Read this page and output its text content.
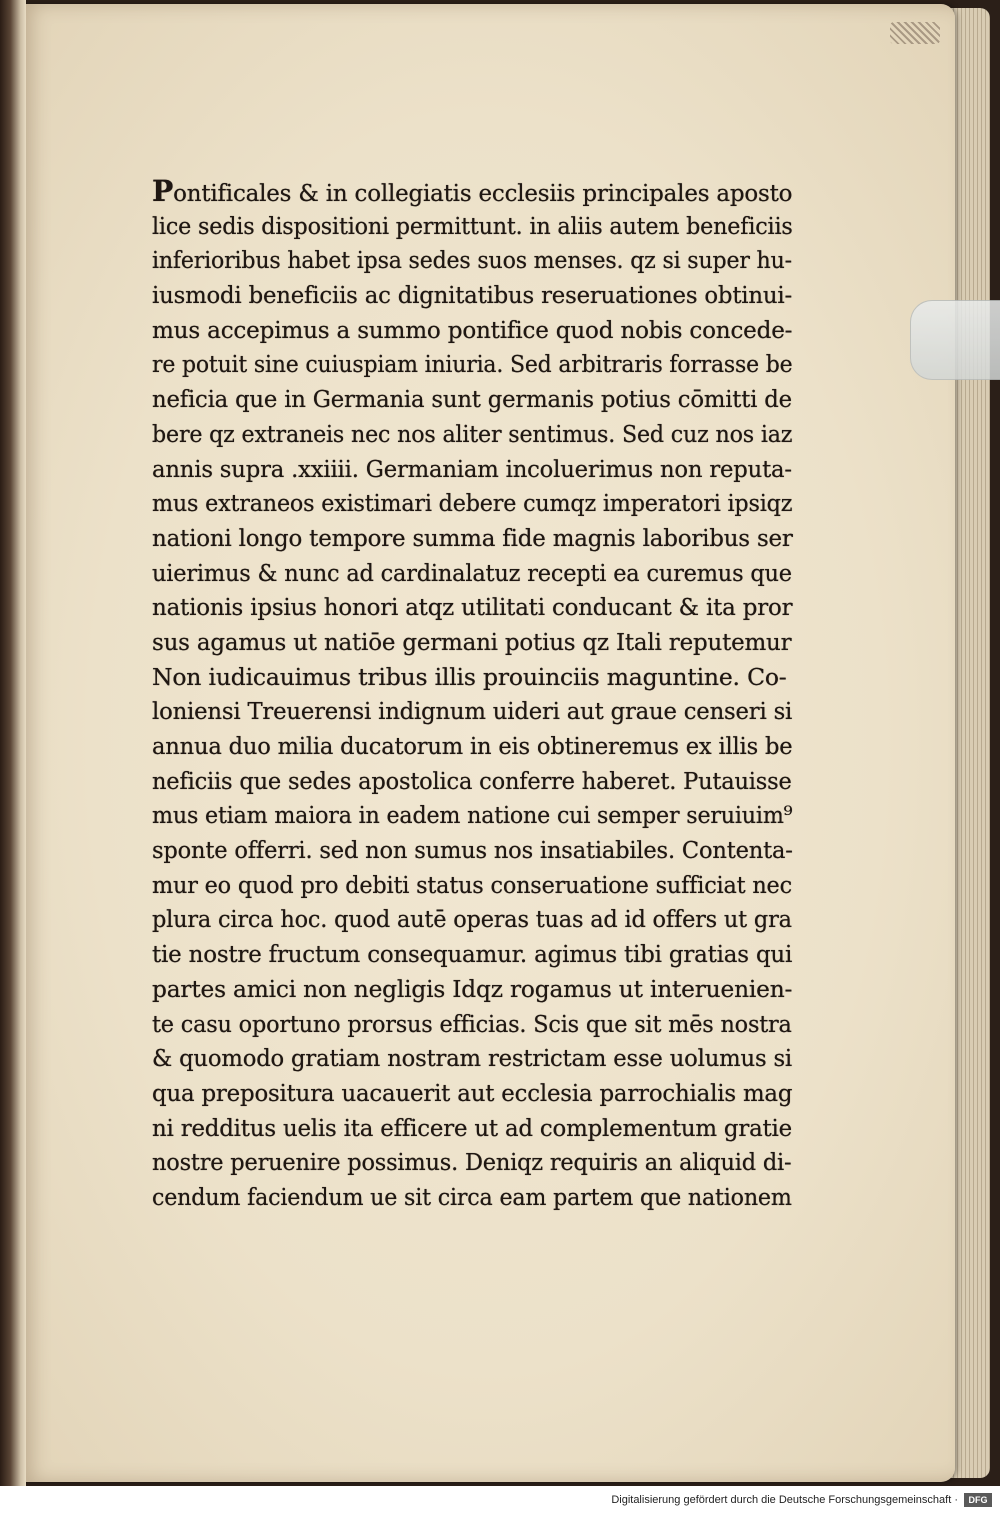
Pontificales & in collegiatis ecclesiis principales aposto
lice sedis dispositioni permittunt. in aliis autem beneficiis
inferioribus habet ipsa sedes suos menses. qz si super hu-
iusmodi beneficiis ac dignitatibus reseruationes obtinui-
mus accepimus a summo pontifice quod nobis concede-
re potuit sine cuiuspiam iniuria. Sed arbitraris forrasse be
neficia que in Germania sunt germanis potius cōmitti de
bere qz extraneis nec nos aliter sentimus. Sed cuz nos iaz
annis supra .xxiiii. Germaniam incoluerimus non reputa-
mus extraneos existimari debere cumqz imperatori ipsiqz
nationi longo tempore summa fide magnis laboribus ser
uierimus & nunc ad cardinalatuz recepti ea curemus que
nationis ipsius honori atqz utilitati conducant & ita pror
sus agamus ut natiōe germani potius qz Itali reputemur
Non iudicauimus tribus illis prouinciis maguntine. Co-
loniensi Treuerensi indignum uideri aut graue censeri si
annua duo milia ducatorum in eis obtineremus ex illis be
neficiis que sedes apostolica conferre haberet. Putauisse
mus etiam maiora in eadem natione cui semper seruiuim⁹
sponte offerri. sed non sumus nos insatiabiles. Contenta-
mur eo quod pro debiti status conseruatione sufficiat nec
plura circa hoc. quod autē operas tuas ad id offers ut gra
tie nostre fructum consequamur. agimus tibi gratias qui
partes amici non negligis Idqz rogamus ut interuenien-
te casu oportuno prorsus efficias. Scis que sit mēs nostra
& quomodo gratiam nostram restrictam esse uolumus si
qua prepositura uacauerit aut ecclesia parrochialis mag
ni redditus uelis ita efficere ut ad complementum gratie
nostre peruenire possimus. Deniqz requiris an aliquid di-
cendum faciendum ue sit circa eam partem que nationem
Digitalisierung gefördert durch die Deutsche Forschungsgemeinschaft ·	DFG
